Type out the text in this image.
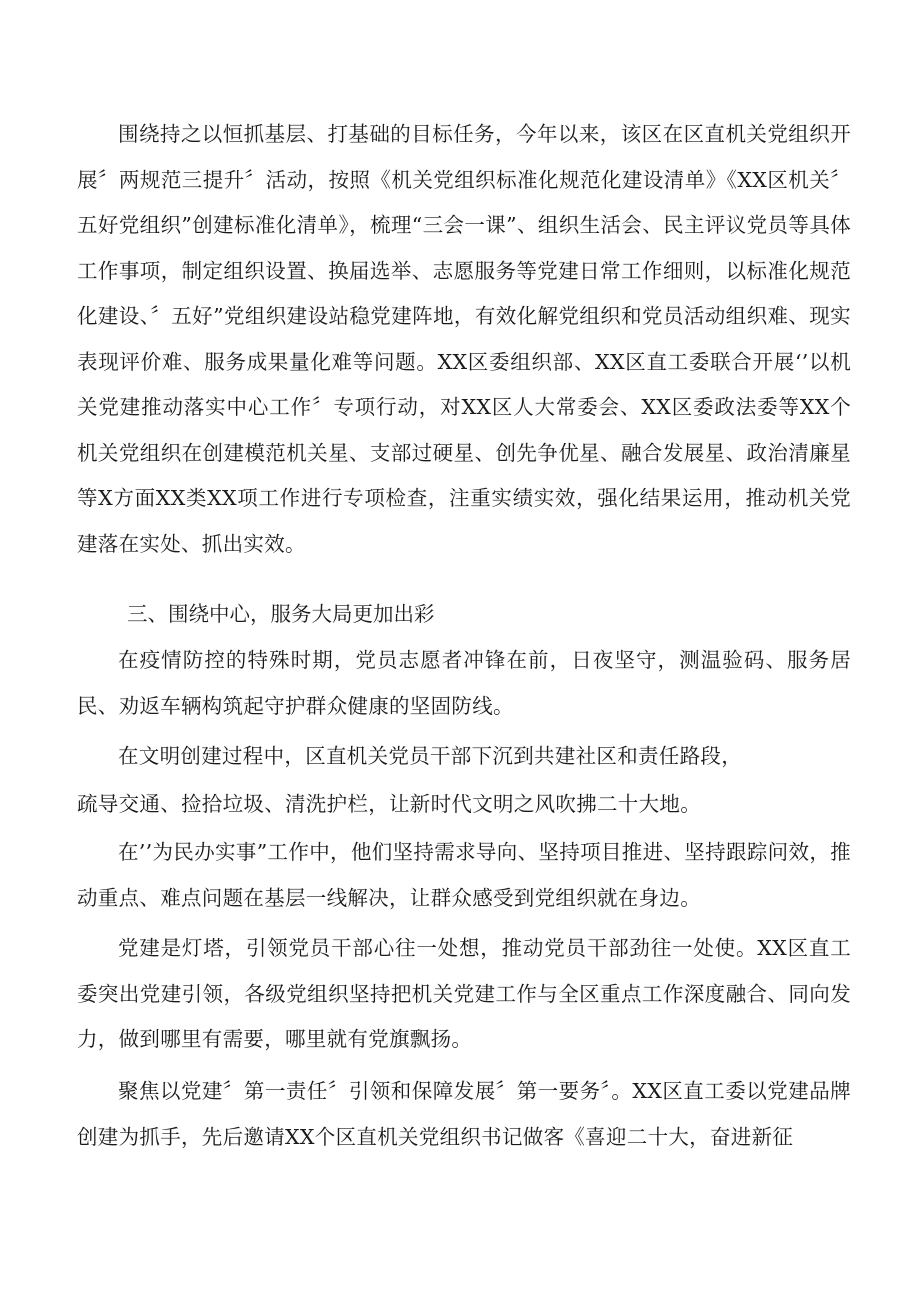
围绕持之以恒抓基层、打基础的目标任务，今年以来，该区在区直机关党组织开展〞两规范三提升〞活动，按照《机关党组织标准化规范化建设清单》《XX区机关〞五好党组织”创建标准化清单》，梳理“三会一课”、组织生活会、民主评议党员等具体工作事项，制定组织设置、换届选举、志愿服务等党建日常工作细则，以标准化规范化建设、〞五好”党组织建设站稳党建阵地，有效化解党组织和党员活动组织难、现实表现评价难、服务成果量化难等问题。XX区委组织部、XX区直工委联合开展‘’以机关党建推动落实中心工作〞专项行动，对XX区人大常委会、XX区委政法委等XX个机关党组织在创建模范机关星、支部过硬星、创先争优星、融合发展星、政治清廉星等X方面XX类XX项工作进行专项检查，注重实绩实效，强化结果运用，推动机关党建落在实处、抓出实效。

三、围绕中心，服务大局更加出彩

在疫情防控的特殊时期，党员志愿者冲锋在前，日夜坚守，测温验码、服务居民、劝返车辆构筑起守护群众健康的坚固防线。

在文明创建过程中，区直机关党员干部下沉到共建社区和责任路段，

疏导交通、捡拾垃圾、清洗护栏，让新时代文明之风吹拂二十大地。

在’’为民办实事”工作中，他们坚持需求导向、坚持项目推进、坚持跟踪问效，推动重点、难点问题在基层一线解决，让群众感受到党组织就在身边。

党建是灯塔，引领党员干部心往一处想，推动党员干部劲往一处使。XX区直工委突出党建引领，各级党组织坚持把机关党建工作与全区重点工作深度融合、同向发力，做到哪里有需要，哪里就有党旗飘扬。

聚焦以党建〞第一责任〞引领和保障发展〞第一要务〞。XX区直工委以党建品牌创建为抓手，先后邀请XX个区直机关党组织书记做客《喜迎二十大，奋进新征
